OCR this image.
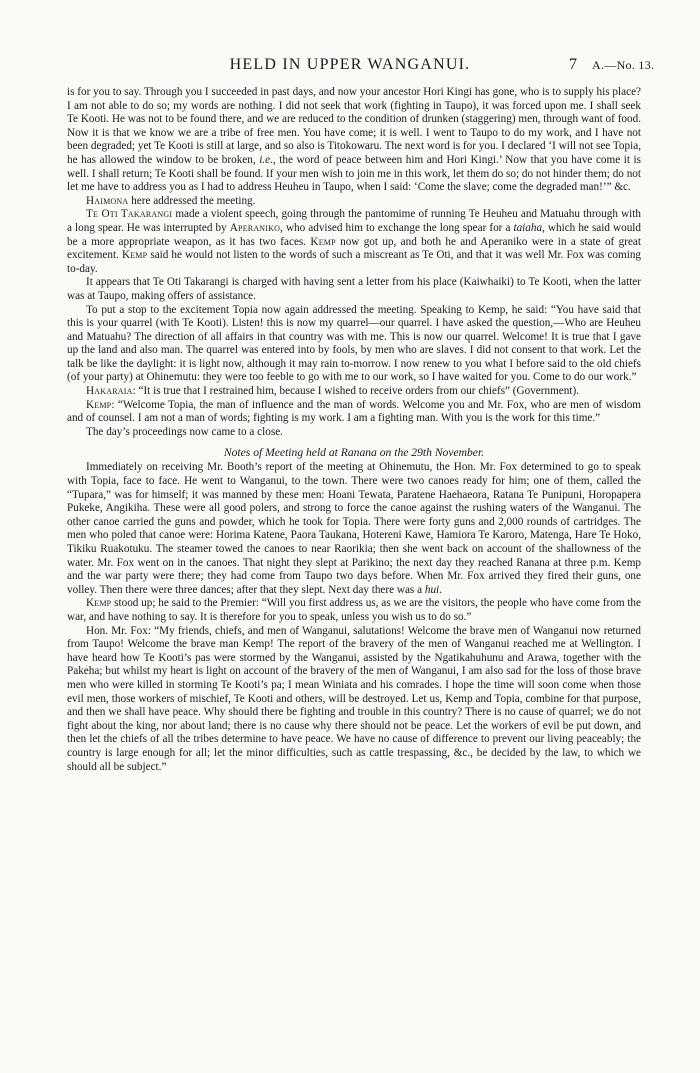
HELD IN UPPER WANGANUI.	7 A.—No. 13.

is for you to say. Through you I succeeded in past days, and now your ancestor Hori Kingi has gone, who is to supply his place? I am not able to do so; my words are nothing. I did not seek that work (fighting in Taupo), it was forced upon me. I shall seek Te Kooti. He was not to be found there, and we are reduced to the condition of drunken (staggering) men, through want of food. Now it is that we know we are a tribe of free men. You have come; it is well. I went to Taupo to do my work, and I have not been degraded; yet Te Kooti is still at large, and so also is Titokowaru. The next word is for you. I declared ‘I will not see Topia, he has allowed the window to be broken, i.e., the word of peace between him and Hori Kingi.’ Now that you have come it is well. I shall return; Te Kooti shall be found. If your men wish to join me in this work, let them do so; do not hinder them; do not let me have to address you as I had to address Heuheu in Taupo, when I said: ‘Come the slave; come the degraded man!’” &c.

Haimona here addressed the meeting.

Te Oti Takarangi made a violent speech, going through the pantomime of running Te Heuheu and Matuahu through with a long spear. He was interrupted by Aperaniko, who advised him to exchange the long spear for a taiaha, which he said would be a more appropriate weapon, as it has two faces. Kemp now got up, and both he and Aperaniko were in a state of great excitement. Kemp said he would not listen to the words of such a miscreant as Te Oti, and that it was well Mr. Fox was coming to-day.

It appears that Te Oti Takarangi is charged with having sent a letter from his place (Kaiwhaiki) to Te Kooti, when the latter was at Taupo, making offers of assistance.

To put a stop to the excitement Topia now again addressed the meeting. Speaking to Kemp, he said: “You have said that this is your quarrel (with Te Kooti). Listen! this is now my quarrel—our quarrel. I have asked the question,—Who are Heuheu and Matuahu? The direction of all affairs in that country was with me. This is now our quarrel. Welcome! It is true that I gave up the land and also man. The quarrel was entered into by fools, by men who are slaves. I did not consent to that work. Let the talk be like the daylight: it is light now, although it may rain to-morrow. I now renew to you what I before said to the old chiefs (of your party) at Ohinemutu: they were too feeble to go with me to our work, so I have waited for you. Come to do our work.”

Hakaraia: “It is true that I restrained him, because I wished to receive orders from our chiefs” (Government).

Kemp: “Welcome Topia, the man of influence and the man of words. Welcome you and Mr. Fox, who are men of wisdom and of counsel. I am not a man of words; fighting is my work. I am a fighting man. With you is the work for this time.”

The day’s proceedings now came to a close.

Notes of Meeting held at Ranana on the 29th November.

Immediately on receiving Mr. Booth’s report of the meeting at Ohinemutu, the Hon. Mr. Fox determined to go to speak with Topia, face to face. He went to Wanganui, to the town. There were two canoes ready for him; one of them, called the “Tupara,” was for himself; it was manned by these men: Hoani Tewata, Paratene Haehaeora, Ratana Te Punipuni, Horopapera Pukeke, Angikiha. These were all good polers, and strong to force the canoe against the rushing waters of the Wanganui. The other canoe carried the guns and powder, which he took for Topia. There were forty guns and 2,000 rounds of cartridges. The men who poled that canoe were: Horima Katene, Paora Taukana, Hotereni Kawe, Hamiora Te Karoro, Matenga, Hare Te Hoko, Tikiku Ruakotuku. The steamer towed the canoes to near Raorikia; then she went back on account of the shallowness of the water. Mr. Fox went on in the canoes. That night they slept at Parikino; the next day they reached Ranana at three p.m. Kemp and the war party were there; they had come from Taupo two days before. When Mr. Fox arrived they fired their guns, one volley. Then there were three dances; after that they slept. Next day there was a hui.

Kemp stood up; he said to the Premier: “Will you first address us, as we are the visitors, the people who have come from the war, and have nothing to say. It is therefore for you to speak, unless you wish us to do so.”

Hon. Mr. Fox: “My friends, chiefs, and men of Wanganui, salutations! Welcome the brave men of Wanganui now returned from Taupo! Welcome the brave man Kemp! The report of the bravery of the men of Wanganui reached me at Wellington. I have heard how Te Kooti’s pas were stormed by the Wanganui, assisted by the Ngatikahuhunu and Arawa, together with the Pakeha; but whilst my heart is light on account of the bravery of the men of Wanganui, I am also sad for the loss of those brave men who were killed in storming Te Kooti’s pa; I mean Winiata and his comrades. I hope the time will soon come when those evil men, those workers of mischief, Te Kooti and others, will be destroyed. Let us, Kemp and Topia, combine for that purpose, and then we shall have peace. Why should there be fighting and trouble in this country? There is no cause of quarrel; we do not fight about the king, nor about land; there is no cause why there should not be peace. Let the workers of evil be put down, and then let the chiefs of all the tribes determine to have peace. We have no cause of difference to prevent our living peaceably; the country is large enough for all; let the minor difficulties, such as cattle trespassing, &c., be decided by the law, to which we should all be subject.”
